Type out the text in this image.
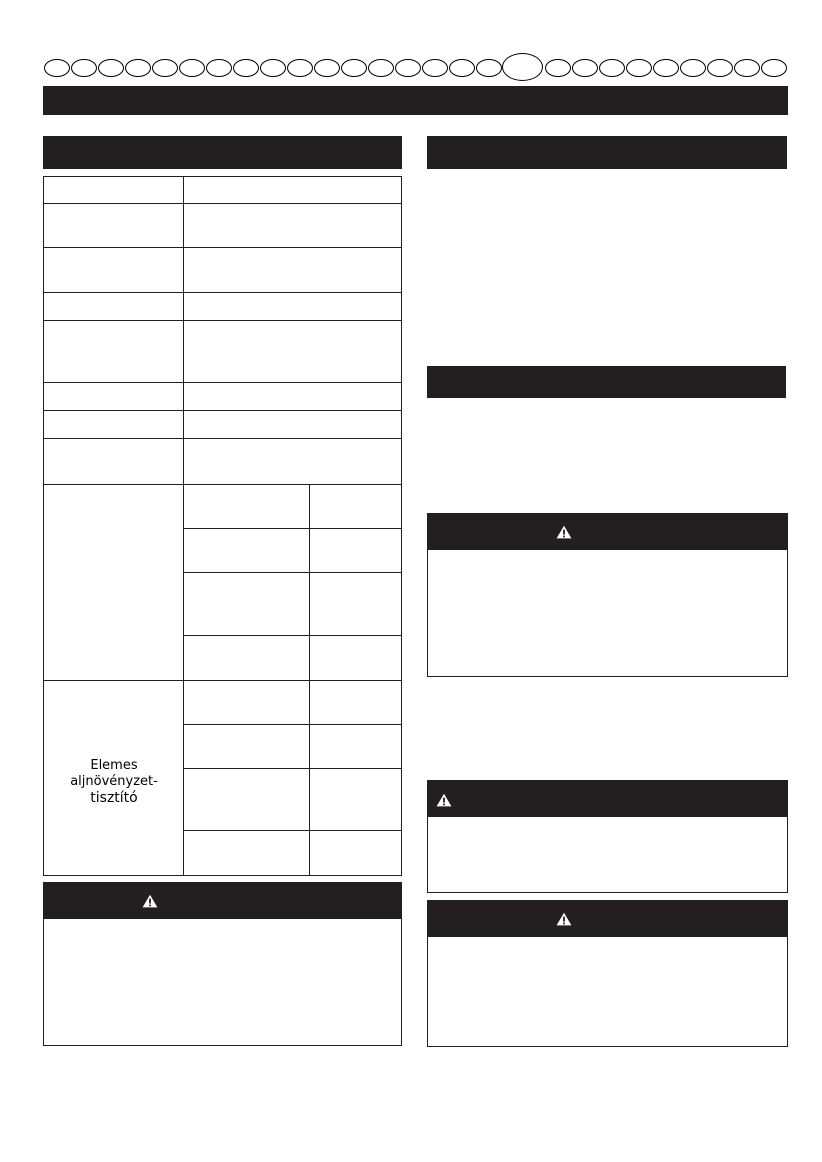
Elemes
aljnövényzet-
tisztító
